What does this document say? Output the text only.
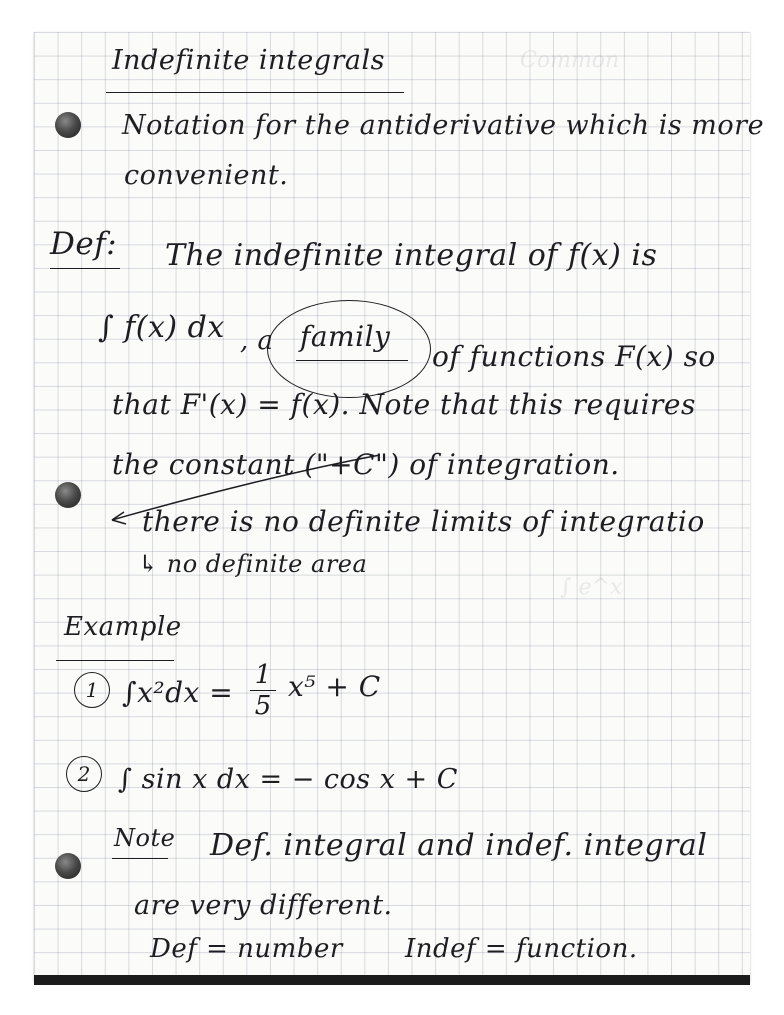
Common
∫ e^x
Indefinite integrals
Notation for the antiderivative which is more
convenient.
Def: The indefinite integral of f(x) is
∫ f(x) dx , a family
of functions F(x) so
that F'(x) = f(x). Note that this requires
the constant ("+C") of integration.
there is no definite limits of integratio
↳ no definite area
Example
1 ∫x²dx =
1
5
x⁵ + C
2	∫ sin x dx = − cos x + C
Note Def. integral and indef. integral
are very different.
Def = number Indef = function.
